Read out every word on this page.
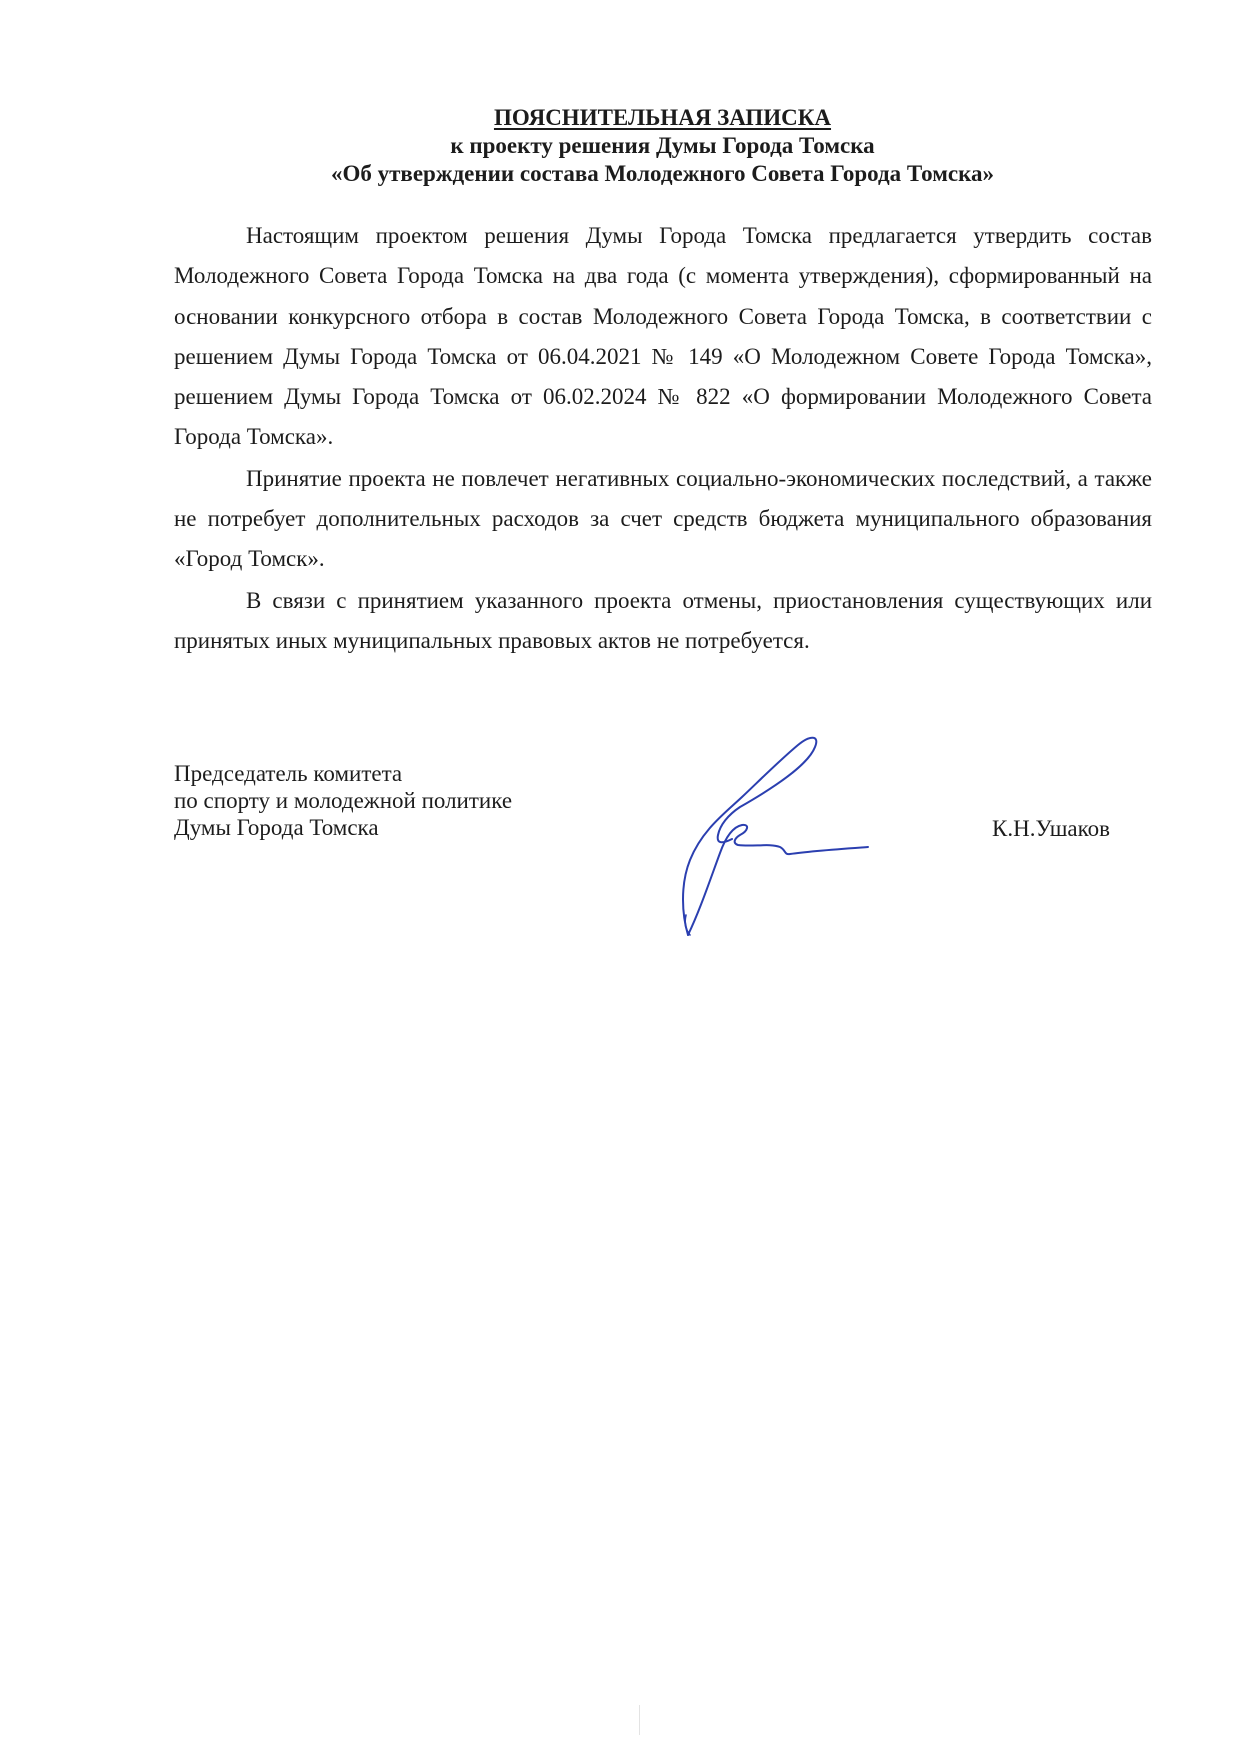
ПОЯСНИТЕЛЬНАЯ ЗАПИСКА
к проекту решения Думы Города Томска
«Об утверждении состава Молодежного Совета Города Томска»

Настоящим проектом решения Думы Города Томска предлагается утвердить состав Молодежного Совета Города Томска на два года (с момента утверждения), сформированный на основании конкурсного отбора в состав Молодежного Совета Города Томска, в соответствии с решением Думы Города Томска от 06.04.2021 № 149 «О Молодежном Совете Города Томска», решением Думы Города Томска от 06.02.2024 № 822 «О формировании Молодежного Совета Города Томска».

Принятие проекта не повлечет негативных социально-экономических последствий, а также не потребует дополнительных расходов за счет средств бюджета муниципального образования «Город Томск».

В связи с принятием указанного проекта отмены, приостановления существующих или принятых иных муниципальных правовых актов не потребуется.

Председатель комитета
по спорту и молодежной политике
Думы Города Томска	К.Н.Ушаков
